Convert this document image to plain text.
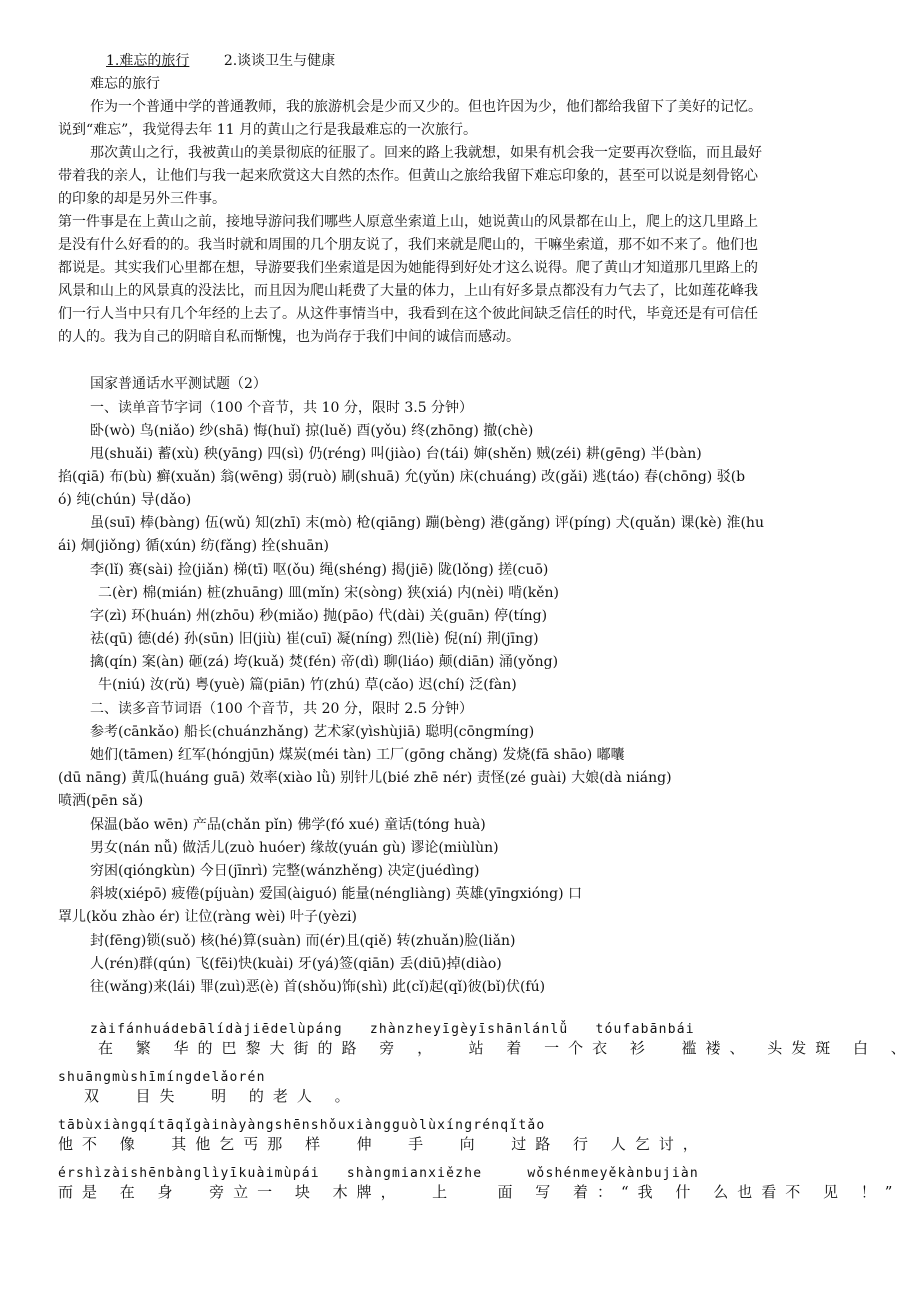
1.难忘的旅行 2.谈谈卫生与健康
难忘的旅行
作为一个普通中学的普通教师，我的旅游机会是少而又少的。但也许因为少，他们都给我留下了美好的记忆。
说到“难忘”，我觉得去年 11 月的黄山之行是我最难忘的一次旅行。
那次黄山之行，我被黄山的美景彻底的征服了。回来的路上我就想，如果有机会我一定要再次登临，而且最好
带着我的亲人，让他们与我一起来欣赏这大自然的杰作。但黄山之旅给我留下难忘印象的，甚至可以说是刻骨铭心
的印象的却是另外三件事。
第一件事是在上黄山之前，接地导游问我们哪些人原意坐索道上山，她说黄山的风景都在山上，爬上的这几里路上
是没有什么好看的的。我当时就和周围的几个朋友说了，我们来就是爬山的，干嘛坐索道，那不如不来了。他们也
都说是。其实我们心里都在想，导游要我们坐索道是因为她能得到好处才这么说得。爬了黄山才知道那几里路上的
风景和山上的风景真的没法比，而且因为爬山耗费了大量的体力，上山有好多景点都没有力气去了，比如莲花峰我
们一行人当中只有几个年经的上去了。从这件事情当中，我看到在这个彼此间缺乏信任的时代，毕竟还是有可信任
的人的。我为自己的阴暗自私而惭愧，也为尚存于我们中间的诚信而感动。
国家普通话水平测试题（2）
一、读单音节字词（100 个音节，共 10 分，限时 3.5 分钟）
卧(wò) 鸟(niǎo) 纱(shā) 悔(huǐ) 掠(luě) 酉(yǒu) 终(zhōng) 撤(chè)
甩(shuǎi) 蓄(xù) 秧(yāng) 四(sì) 仍(réng) 叫(jiào) 台(tái) 婶(shěn) 贼(zéi) 耕(gēng) 半(bàn)
掐(qiā) 布(bù) 癣(xuǎn) 翁(wēng) 弱(ruò) 刷(shuā) 允(yǔn) 床(chuáng) 改(gǎi) 逃(táo) 春(chōng) 驳(b
ó) 纯(chún) 导(dǎo)
虽(suī) 棒(bàng) 伍(wǔ) 知(zhī) 末(mò) 枪(qiāng) 蹦(bèng) 港(gǎng) 评(píng) 犬(quǎn) 课(kè) 淮(hu
ái) 炯(jiǒng) 循(xún) 纺(fǎng) 拴(shuān)
李(lǐ) 赛(sài) 捡(jiǎn) 梯(tī) 呕(ǒu) 绳(shéng) 揭(jiē) 陇(lǒng) 搓(cuō)
二(èr) 棉(mián) 桩(zhuāng) 皿(mǐn) 宋(sòng) 狭(xiá) 内(nèi) 啃(kěn)
字(zì) 环(huán) 州(zhōu) 秒(miǎo) 抛(pāo) 代(dài) 关(guān) 停(tíng)
祛(qū) 德(dé) 孙(sūn) 旧(jiù) 崔(cuī) 凝(níng) 烈(liè) 倪(ní) 荆(jīng)
擒(qín) 案(àn) 砸(zá) 垮(kuǎ) 焚(fén) 帝(dì) 聊(liáo) 颠(diān) 涌(yǒng)
牛(niú) 汝(rǔ) 粤(yuè) 篇(piān) 竹(zhú) 草(cǎo) 迟(chí) 泛(fàn)
二、读多音节词语（100 个音节，共 20 分，限时 2.5 分钟）
参考(cānkǎo) 船长(chuánzhǎng) 艺术家(yìshùjiā) 聪明(cōngmíng)
她们(tāmen) 红军(hóngjūn) 煤炭(méi tàn) 工厂(gōng chǎng) 发烧(fā shāo) 嘟囔
(dū nāng) 黄瓜(huáng guā) 效率(xiào lǜ) 别针儿(bié zhē nér) 责怪(zé guài) 大娘(dà niáng)
喷洒(pēn sǎ)
保温(bǎo wēn) 产品(chǎn pǐn) 佛学(fó xué) 童话(tóng huà)
男女(nán nǚ) 做活儿(zuò huóer) 缘故(yuán gù) 谬论(miùlùn)
穷困(qióngkùn) 今日(jīnrì) 完整(wánzhěng) 决定(juédìng)
斜坡(xiépō) 疲倦(píjuàn) 爱国(àiguó) 能量(néngliàng) 英雄(yīngxióng) 口
罩儿(kǒu zhào ér) 让位(ràng wèi) 叶子(yèzi)
封(fēng)锁(suǒ) 核(hé)算(suàn) 而(ér)且(qiě) 转(zhuǎn)脸(liǎn)
人(rén)群(qún) 飞(fēi)快(kuài) 牙(yá)签(qiān) 丢(diū)掉(diào)
往(wǎng)来(lái) 罪(zuì)恶(è) 首(shǒu)饰(shì) 此(cǐ)起(qǐ)彼(bǐ)伏(fú)
zàifánhuádebālídàjiēdelùpáng   zhànzheyīgèyīshānlánlǚ   tóufabānbái
在 繁 华的巴黎大街的路 旁 ，  站 着 一个衣 衫  褴褛、 头发斑 白 、
shuāngmùshīmíngdelǎorén
双  目失  明 的老人 。
tābùxiàngqítāqǐgàinàyàngshēnshǒuxiàngguòlùxíngrénqǐtǎo
他不 像  其他乞丐那 样  伸  手  向  过路 行 人乞讨，
érshìzàishēnbànglìyīkuàimùpái   shàngmianxiězhe     wǒshénmeyěkànbujiàn
而是 在 身  旁立一 块 木牌，  上   面 写 着：“我 什 么也看不 见 ！”
